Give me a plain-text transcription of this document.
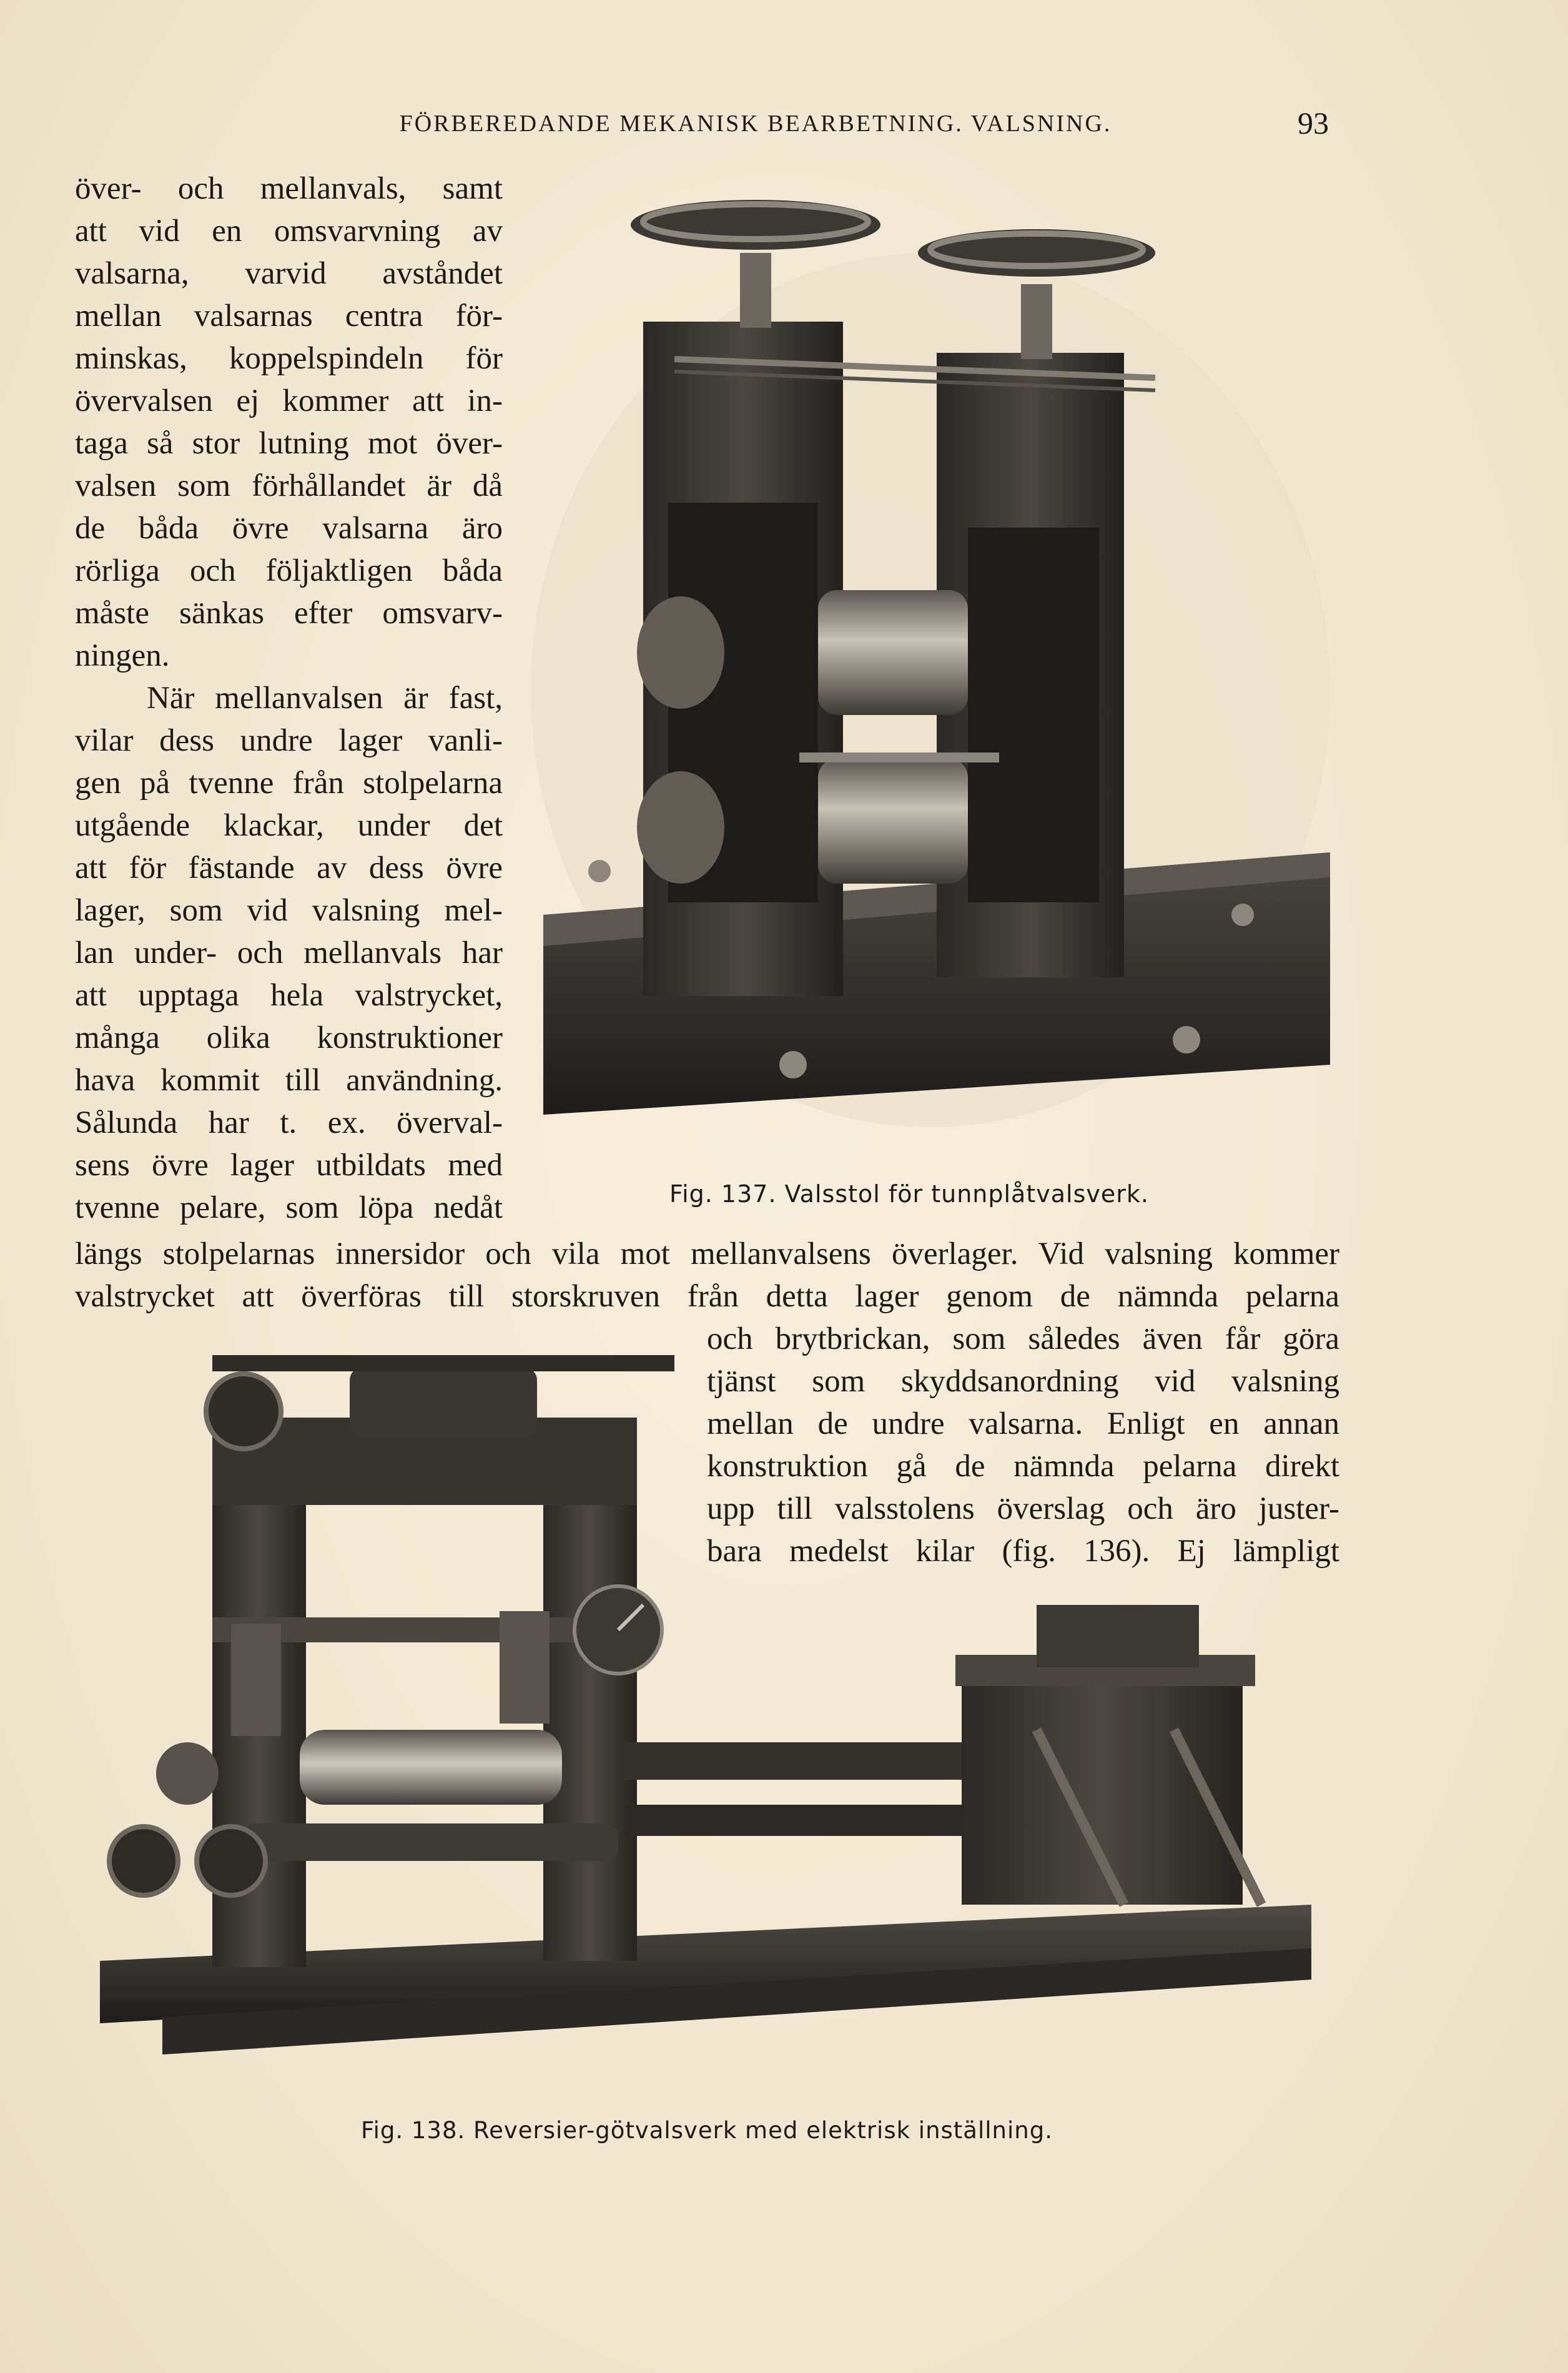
FÖRBEREDANDE MEKANISK BEARBETNING. VALSNING.	93
över- och mellanvals, samt
att vid en omsvarvning av
valsarna, varvid avståndet
mellan valsarnas centra för-
minskas, koppelspindeln för
övervalsen ej kommer att in-
taga så stor lutning mot över-
valsen som förhållandet är då
de båda övre valsarna äro
rörliga och följaktligen båda
måste sänkas efter omsvarv-
ningen.
När mellanvalsen är fast,
vilar dess undre lager vanli-
gen på tvenne från stolpelarna
utgående klackar, under det
att för fästande av dess övre
lager, som vid valsning mel-
lan under- och mellanvals har
att upptaga hela valstrycket,
många olika konstruktioner
hava kommit till användning.
Sålunda har t. ex. överval-
sens övre lager utbildats med
tvenne pelare, som löpa nedåt	Fig. 137. Valsstol för tunnplåtvalsverk.
längs stolpelarnas innersidor och vila mot mellanvalsens överlager. Vid valsning kommer
valstrycket att överföras till storskruven från detta lager genom de nämnda pelarna
och brytbrickan, som således även får göra
tjänst som skyddsanordning vid valsning
mellan de undre valsarna. Enligt en annan
konstruktion gå de nämnda pelarna direkt
upp till valsstolens överslag och äro juster-
bara medelst kilar (fig. 136). Ej lämpligt
Fig. 138. Reversier-götvalsverk med elektrisk inställning.
